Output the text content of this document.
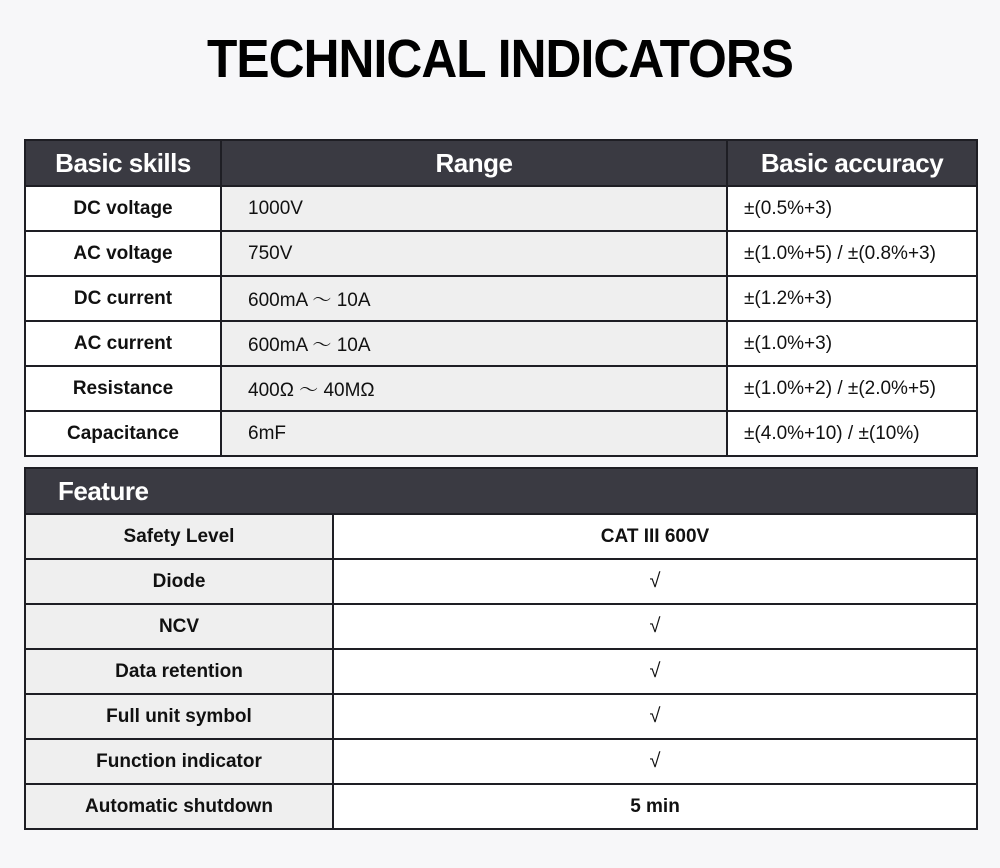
TECHNICAL INDICATORS
Basic skills	Range	Basic accuracy
DC voltage	1000V	±(0.5%+3)
AC voltage	750V	±(1.0%+5) / ±(0.8%+3)
DC current	600mA ～ 10A	±(1.2%+3)
AC current	600mA ～ 10A	±(1.0%+3)
Resistance	400Ω ～ 40MΩ	±(1.0%+2) / ±(2.0%+5)
Capacitance	6mF	±(4.0%+10) / ±(10%)
Feature	
Safety Level	CAT III 600V
Diode	√
NCV	√
Data retention	√
Full unit symbol	√
Function indicator	√
Automatic shutdown	5 min
